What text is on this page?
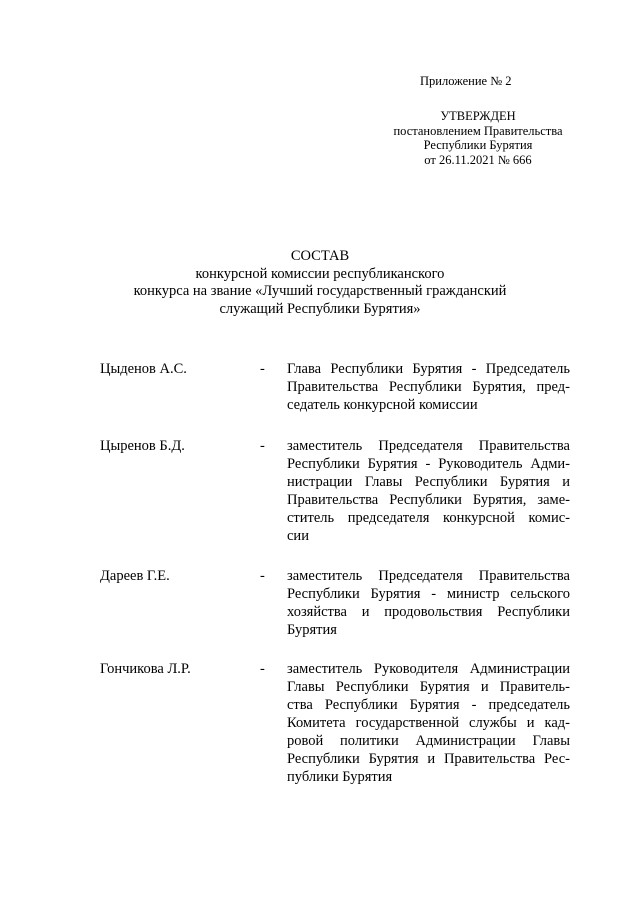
Приложение № 2
УТВЕРЖДЕН
постановлением Правительства
Республики Бурятия
от 26.11.2021 № 666
СОСТАВ
конкурсной комиссии республиканского
конкурса на звание «Лучший государственный гражданский
служащий Республики Бурятия»
Цыденов А.С.	- Глава Республики Бурятия - Председатель
Правительства Республики Бурятия, пред-
седатель конкурсной комиссии
Цыренов Б.Д.	- заместитель Председателя Правительства
Республики Бурятия - Руководитель Адми-
нистрации Главы Республики Бурятия и
Правительства Республики Бурятия, заме-
ститель председателя конкурсной комис-
сии
Дареев Г.Е.	- заместитель Председателя Правительства
Республики Бурятия - министр сельского
хозяйства и продовольствия Республики
Бурятия
Гончикова Л.Р.	- заместитель Руководителя Администрации
Главы Республики Бурятия и Правитель-
ства Республики Бурятия - председатель
Комитета государственной службы и кад-
ровой политики Администрации Главы
Республики Бурятия и Правительства Рес-
публики Бурятия
